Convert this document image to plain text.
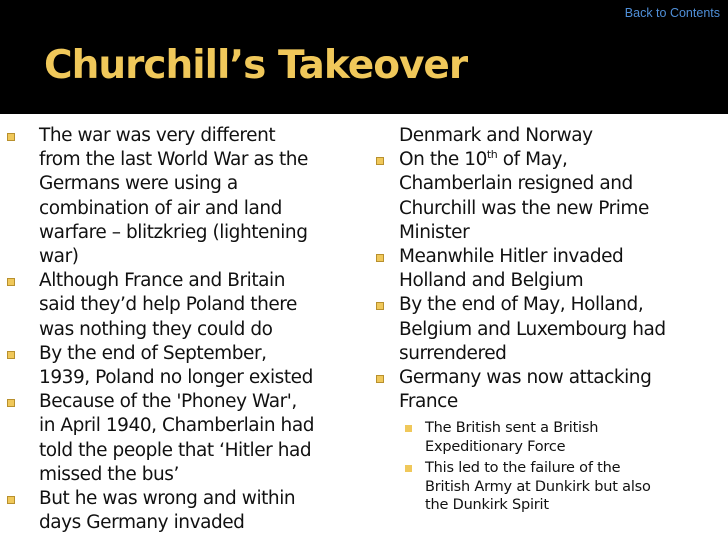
Back to Contents
Churchill’s Takeover
The war was very different
from the last World War as the
Germans were using a
combination of air and land
warfare – blitzkrieg (lightening
war)
Although France and Britain
said they’d help Poland there
was nothing they could do
By the end of September,
1939, Poland no longer existed
Because of the 'Phoney War',
in April 1940, Chamberlain had
told the people that ‘Hitler had
missed the bus’
But he was wrong and within
days Germany invaded
Denmark and Norway
On the 10th of May,
Chamberlain resigned and
Churchill was the new Prime
Minister
Meanwhile Hitler invaded
Holland and Belgium
By the end of May, Holland,
Belgium and Luxembourg had
surrendered
Germany was now attacking
France
The British sent a British
Expeditionary Force
This led to the failure of the
British Army at Dunkirk but also
the Dunkirk Spirit
